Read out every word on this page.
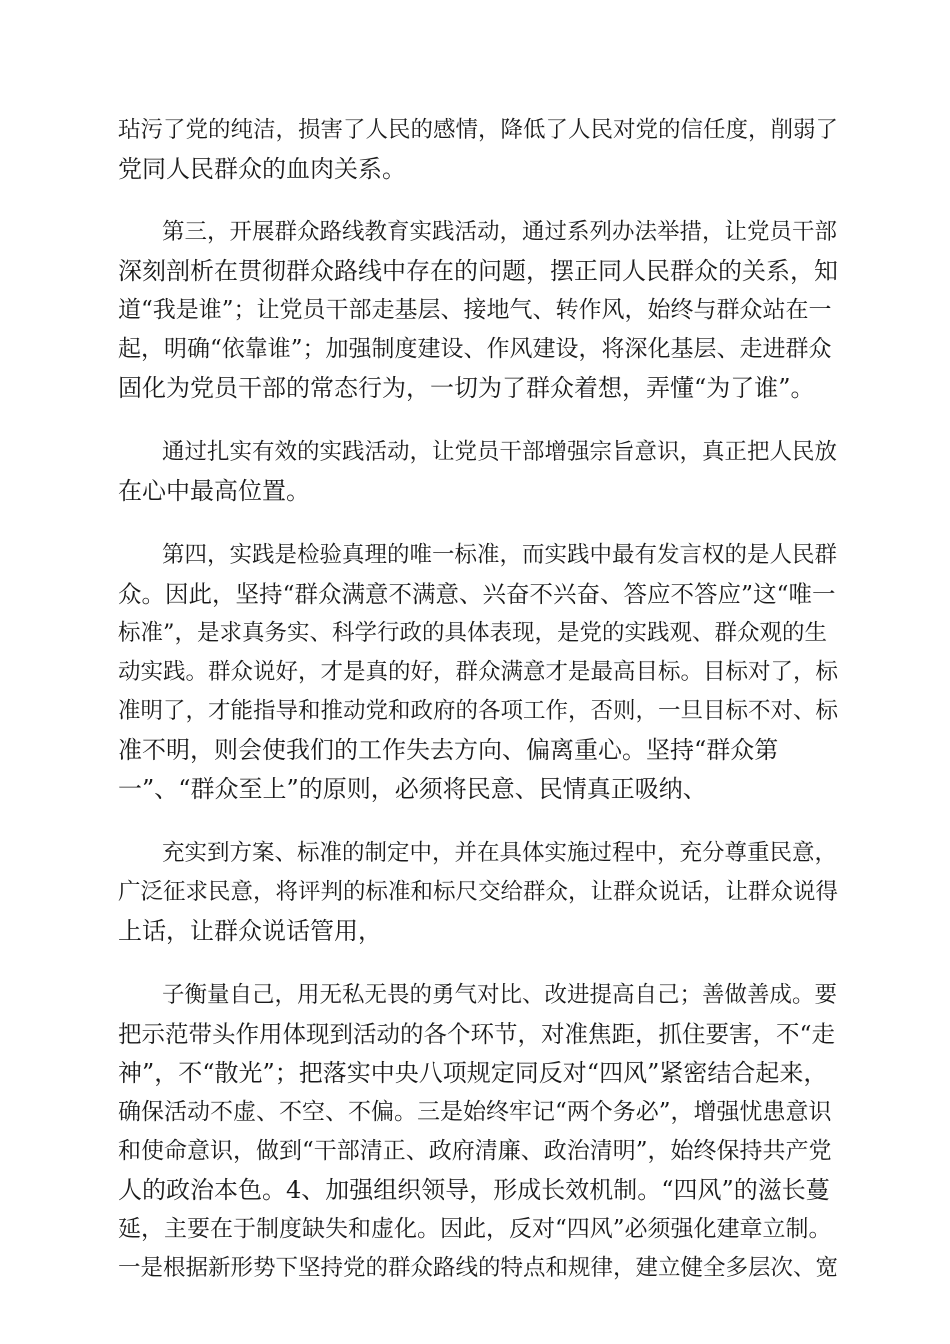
玷污了党的纯洁，损害了人民的感情，降低了人民对党的信任度，削弱了
党同人民群众的血肉关系。
第三，开展群众路线教育实践活动，通过系列办法举措，让党员干部
深刻剖析在贯彻群众路线中存在的问题，摆正同人民群众的关系，知
道“我是谁”；让党员干部走基层、接地气、转作风，始终与群众站在一
起，明确“依靠谁”；加强制度建设、作风建设，将深化基层、走进群众
固化为党员干部的常态行为，一切为了群众着想，弄懂“为了谁”。
通过扎实有效的实践活动，让党员干部增强宗旨意识，真正把人民放
在心中最高位置。
第四，实践是检验真理的唯一标准，而实践中最有发言权的是人民群
众。因此，坚持“群众满意不满意、兴奋不兴奋、答应不答应”这“唯一
标准”，是求真务实、科学行政的具体表现，是党的实践观、群众观的生
动实践。群众说好，才是真的好，群众满意才是最高目标。目标对了，标
准明了，才能指导和推动党和政府的各项工作，否则，一旦目标不对、标
准不明，则会使我们的工作失去方向、偏离重心。坚持“群众第
一”、“群众至上”的原则，必须将民意、民情真正吸纳、
充实到方案、标准的制定中，并在具体实施过程中，充分尊重民意，
广泛征求民意，将评判的标准和标尺交给群众，让群众说话，让群众说得
上话，让群众说话管用，
子衡量自己，用无私无畏的勇气对比、改进提高自己；善做善成。要
把示范带头作用体现到活动的各个环节，对准焦距，抓住要害，不“走
神”，不“散光”；把落实中央八项规定同反对“四风”紧密结合起来，
确保活动不虚、不空、不偏。三是始终牢记“两个务必”，增强忧患意识
和使命意识，做到“干部清正、政府清廉、政治清明”，始终保持共产党
人的政治本色。4、加强组织领导，形成长效机制。“四风”的滋长蔓
延，主要在于制度缺失和虚化。因此，反对“四风”必须强化建章立制。
一是根据新形势下坚持党的群众路线的特点和规律，建立健全多层次、宽
